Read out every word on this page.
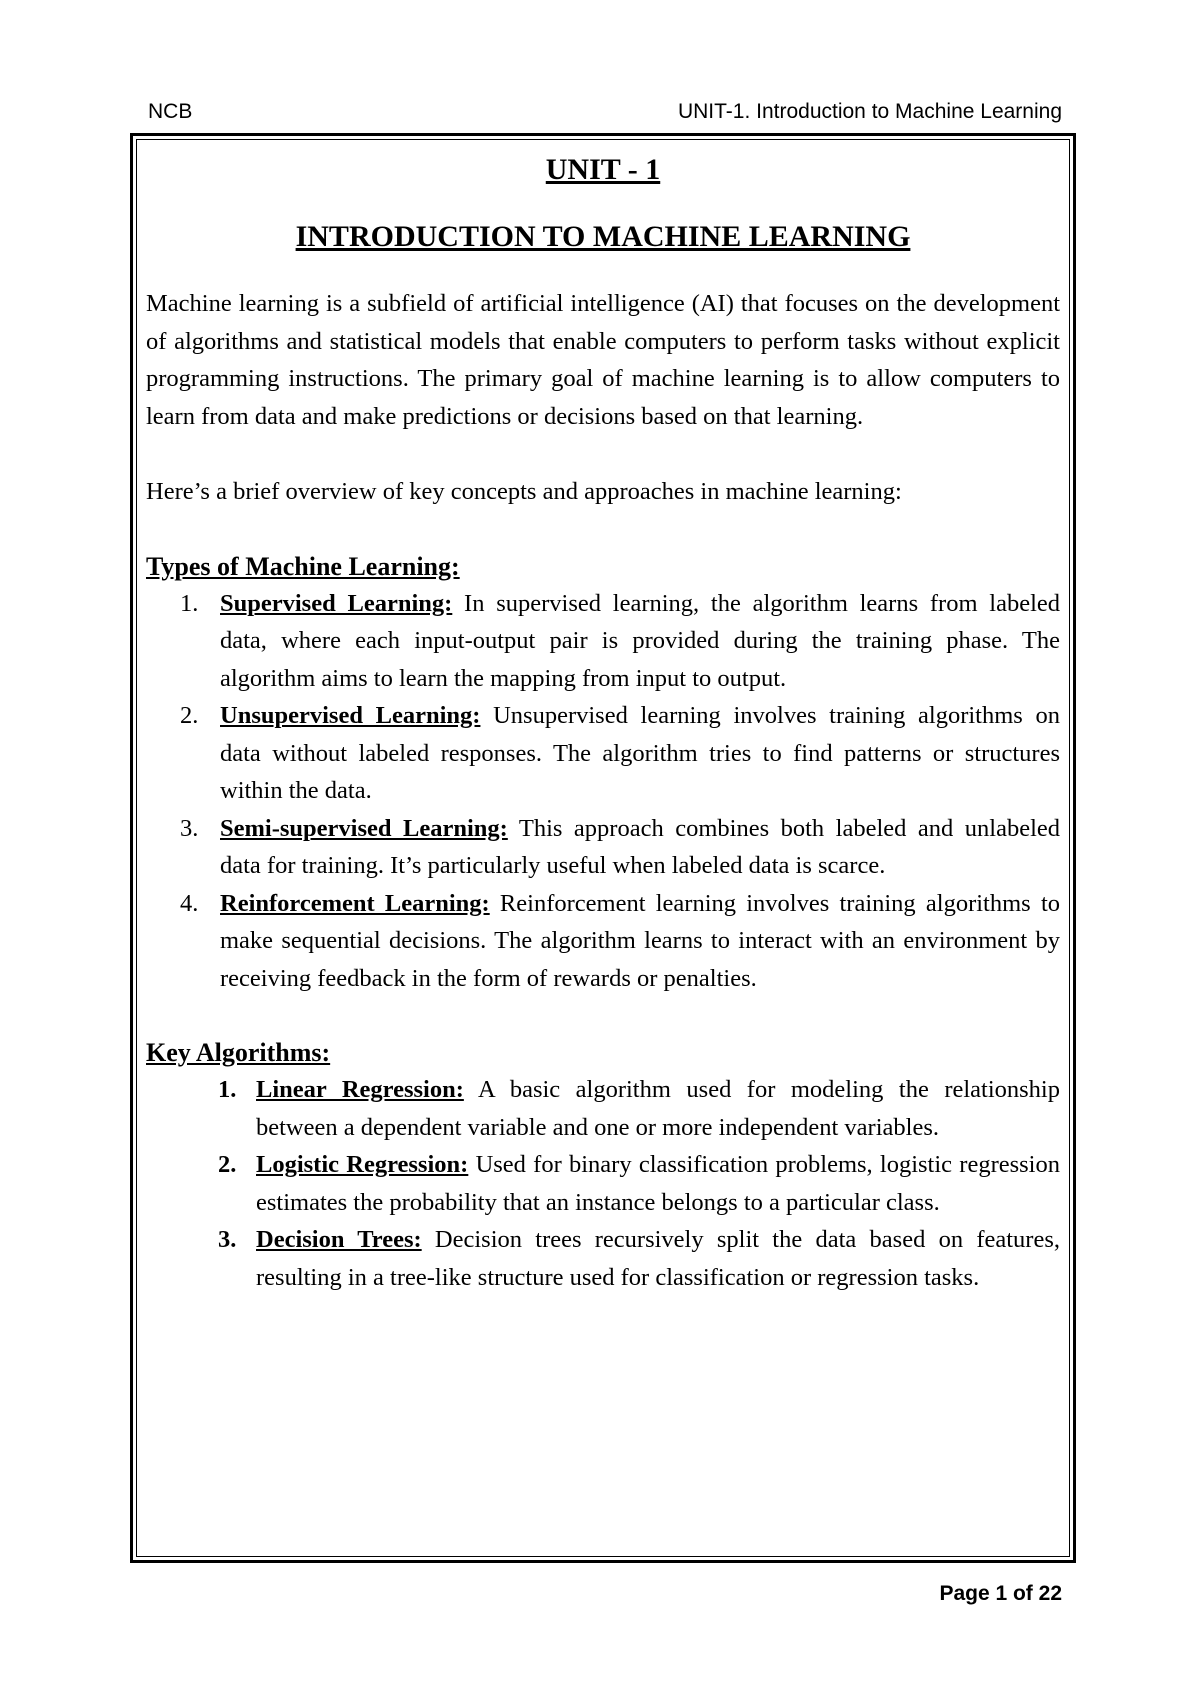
NCB	UNIT-1. Introduction to Machine Learning
UNIT - 1
INTRODUCTION TO MACHINE LEARNING

Machine learning is a subfield of artificial intelligence (AI) that focuses on the development of algorithms and statistical models that enable computers to perform tasks without explicit programming instructions. The primary goal of machine learning is to allow computers to learn from data and make predictions or decisions based on that learning.

Here’s a brief overview of key concepts and approaches in machine learning:

Types of Machine Learning:
1. Supervised Learning: In supervised learning, the algorithm learns from labeled data, where each input-output pair is provided during the training phase. The algorithm aims to learn the mapping from input to output.
2. Unsupervised Learning: Unsupervised learning involves training algorithms on data without labeled responses. The algorithm tries to find patterns or structures within the data.
3. Semi-supervised Learning: This approach combines both labeled and unlabeled data for training. It’s particularly useful when labeled data is scarce.
4. Reinforcement Learning: Reinforcement learning involves training algorithms to make sequential decisions. The algorithm learns to interact with an environment by receiving feedback in the form of rewards or penalties.
Key Algorithms:
1. Linear Regression: A basic algorithm used for modeling the relationship between a dependent variable and one or more independent variables.
2. Logistic Regression: Used for binary classification problems, logistic regression estimates the probability that an instance belongs to a particular class.
3. Decision Trees: Decision trees recursively split the data based on features, resulting in a tree-like structure used for classification or regression tasks.
Page 1 of 22
